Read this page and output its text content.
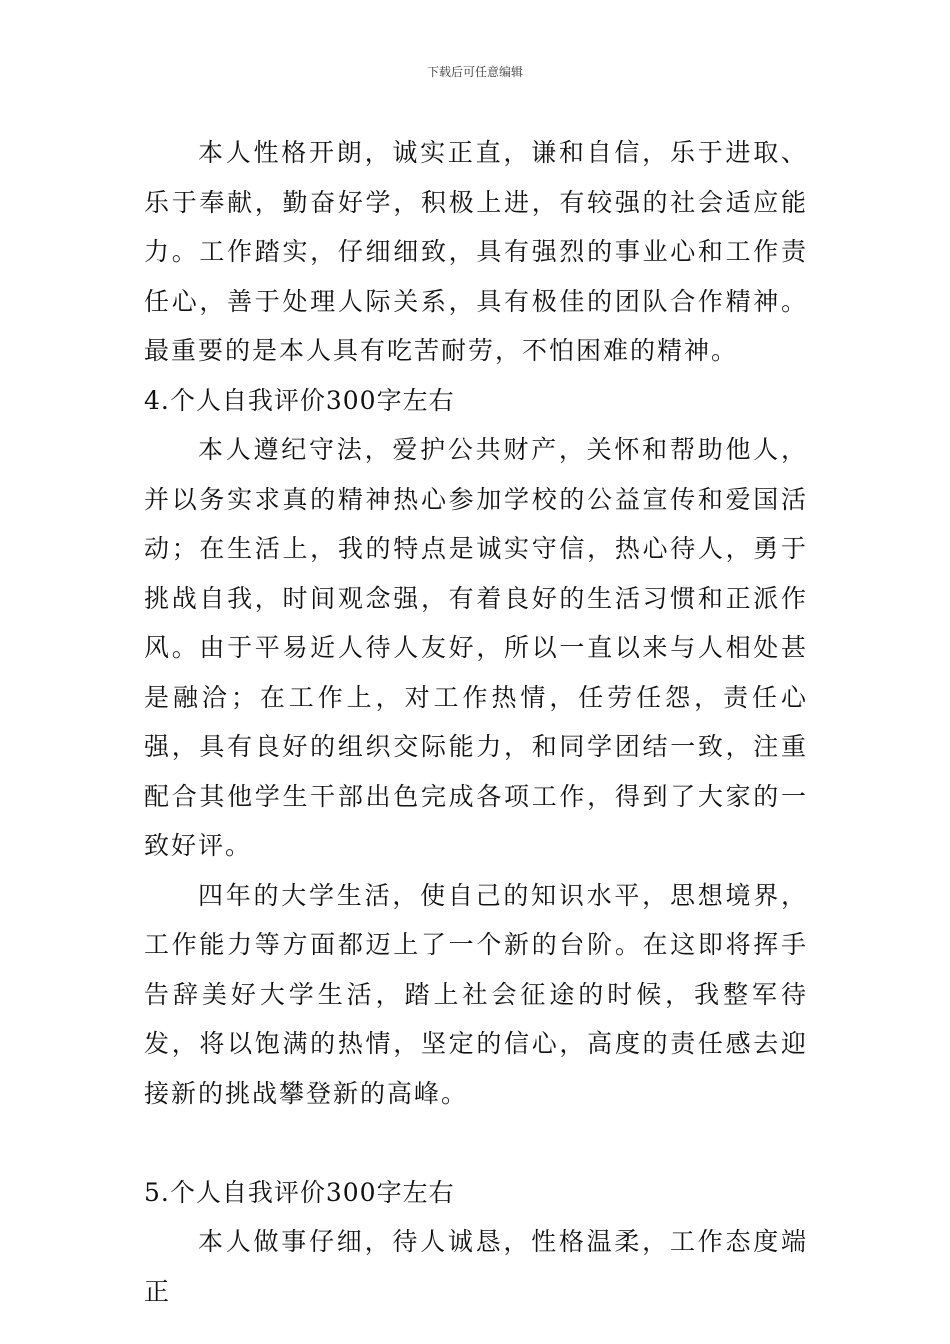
下载后可任意编辑

本人性格开朗，诚实正直，谦和自信，乐于进取、乐于奉献，勤奋好学，积极上进，有较强的社会适应能力。工作踏实，仔细细致，具有强烈的事业心和工作责任心，善于处理人际关系，具有极佳的团队合作精神。最重要的是本人具有吃苦耐劳，不怕困难的精神。

4.个人自我评价300字左右

本人遵纪守法，爱护公共财产，关怀和帮助他人，并以务实求真的精神热心参加学校的公益宣传和爱国活动；在生活上，我的特点是诚实守信，热心待人，勇于挑战自我，时间观念强，有着良好的生活习惯和正派作风。由于平易近人待人友好，所以一直以来与人相处甚是融洽；在工作上，对工作热情，任劳任怨，责任心强，具有良好的组织交际能力，和同学团结一致，注重配合其他学生干部出色完成各项工作，得到了大家的一致好评。

四年的大学生活，使自己的知识水平，思想境界，工作能力等方面都迈上了一个新的台阶。在这即将挥手告辞美好大学生活，踏上社会征途的时候，我整军待发，将以饱满的热情，坚定的信心，高度的责任感去迎接新的挑战攀登新的高峰。

5.个人自我评价300字左右

本人做事仔细，待人诚恳，性格温柔，工作态度端正
